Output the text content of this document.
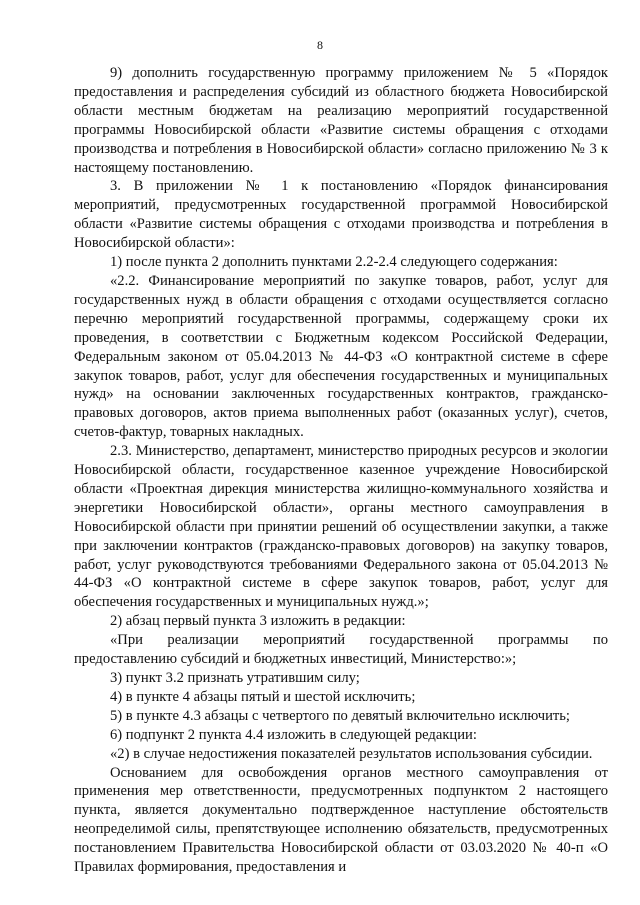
8

9) дополнить государственную программу приложением № 5 «Порядок предоставления и распределения субсидий из областного бюджета Новосибирской области местным бюджетам на реализацию мероприятий государственной программы Новосибирской области «Развитие системы обращения с отходами производства и потребления в Новосибирской области» согласно приложению № 3 к настоящему постановлению.

3. В приложении № 1 к постановлению «Порядок финансирования мероприятий, предусмотренных государственной программой Новосибирской области «Развитие системы обращения с отходами производства и потребления в Новосибирской области»:

1) после пункта 2 дополнить пунктами 2.2-2.4 следующего содержания:

«2.2. Финансирование мероприятий по закупке товаров, работ, услуг для государственных нужд в области обращения с отходами осуществляется согласно перечню мероприятий государственной программы, содержащему сроки их проведения, в соответствии с Бюджетным кодексом Российской Федерации, Федеральным законом от 05.04.2013 № 44-ФЗ «О контрактной системе в сфере закупок товаров, работ, услуг для обеспечения государственных и муниципальных нужд» на основании заключенных государственных контрактов, гражданско-правовых договоров, актов приема выполненных работ (оказанных услуг), счетов, счетов-фактур, товарных накладных.

2.3. Министерство, департамент, министерство природных ресурсов и экологии Новосибирской области, государственное казенное учреждение Новосибирской области «Проектная дирекция министерства жилищно-коммунального хозяйства и энергетики Новосибирской области», органы местного самоуправления в Новосибирской области при принятии решений об осуществлении закупки, а также при заключении контрактов (гражданско-правовых договоров) на закупку товаров, работ, услуг руководствуются требованиями Федерального закона от 05.04.2013 № 44-ФЗ «О контрактной системе в сфере закупок товаров, работ, услуг для обеспечения государственных и муниципальных нужд.»;

2) абзац первый пункта 3 изложить в редакции:

«При реализации мероприятий государственной программы по предоставлению субсидий и бюджетных инвестиций, Министерство:»;

3) пункт 3.2 признать утратившим силу;

4) в пункте 4 абзацы пятый и шестой исключить;

5) в пункте 4.3 абзацы с четвертого по девятый включительно исключить;

6) подпункт 2 пункта 4.4 изложить в следующей редакции:

«2) в случае недостижения показателей результатов использования субсидии.

Основанием для освобождения органов местного самоуправления от применения мер ответственности, предусмотренных подпунктом 2 настоящего пункта, является документально подтвержденное наступление обстоятельств неопределимой силы, препятствующее исполнению обязательств, предусмотренных постановлением Правительства Новосибирской области от 03.03.2020 № 40-п «О Правилах формирования, предоставления и
